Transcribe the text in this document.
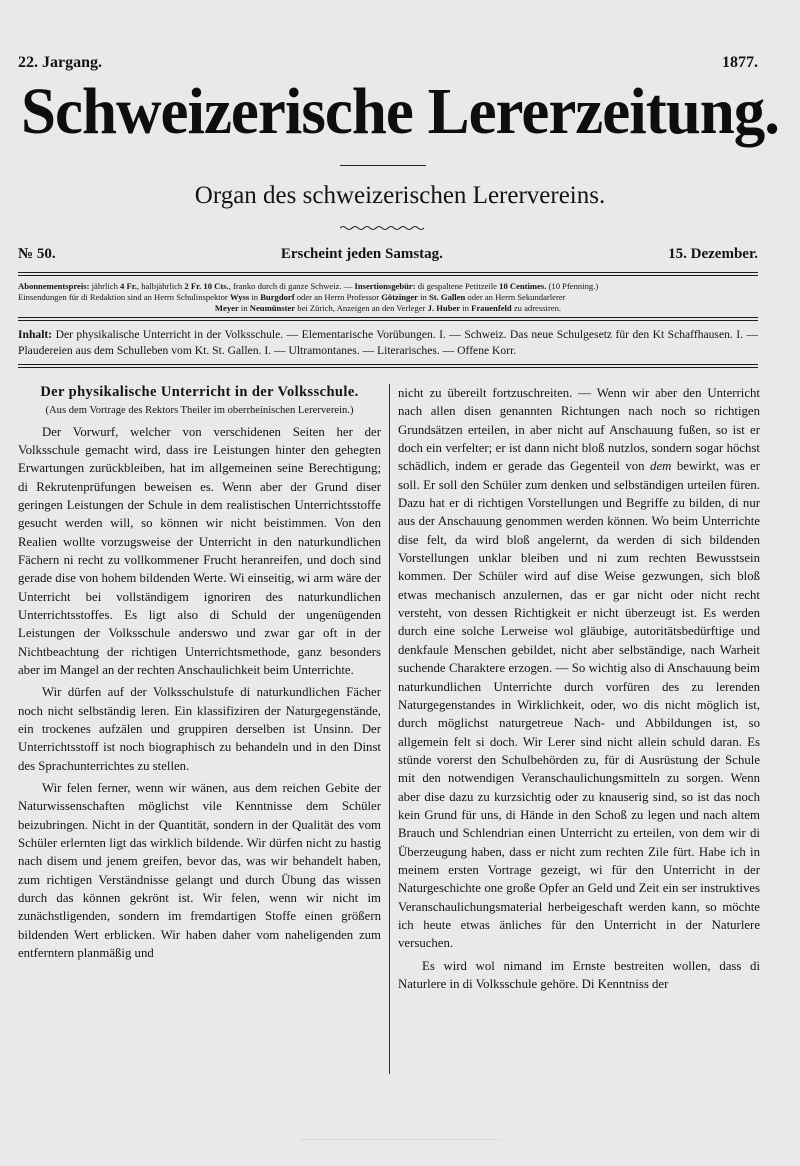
22. Jargang.	1877.
Schweizerische Lererzeitung.
Organ des schweizerischen Lerervereins.
№ 50.	Erscheint jeden Samstag.	15. Dezember.
Abonnementspreis: jährlich 4 Fr., halbjährlich 2 Fr. 10 Cts., franko durch di ganze Schweiz. — Insertionsgebür: di gespaltene Petitzeile 10 Centimes. (10 Pfenning.)
Einsendungen für di Redaktion sind an Herrn Schulinspektor Wyss in Burgdorf oder an Herrn Professor Götzinger in St. Gallen oder an Herrn Sekundarlerer
Meyer in Neumünster bei Zürich, Anzeigen an den Verleger J. Huber in Frauenfeld zu adressiren.
Inhalt: Der physikalische Unterricht in der Volksschule. — Elementarische Vorübungen. I. — Schweiz. Das neue Schulgesetz für den Kt Schaffhausen. I. — Plaudereien aus dem Schulleben vom Kt. St. Gallen. I. — Ultramontanes. — Literarisches. — Offene Korr.
Der physikalische Unterricht in der Volksschule.
(Aus dem Vortrage des Rektors Theiler im oberrheinischen Lererverein.)

Der Vorwurf, welcher von verschidenen Seiten her der Volksschule gemacht wird, dass ire Leistungen hinter den gehegten Erwartungen zurückbleiben, hat im allgemeinen seine Berechtigung; di Rekrutenprüfungen beweisen es. Wenn aber der Grund diser geringen Leistungen der Schule in dem realistischen Unterrichtsstoffe gesucht werden will, so können wir nicht beistimmen. Von den Realien wollte vorzugsweise der Unterricht in den naturkundlichen Fächern ni recht zu vollkommener Frucht heranreifen, und doch sind gerade dise von hohem bildenden Werte. Wi einseitig, wi arm wäre der Unterricht bei vollständigem ignoriren des naturkundlichen Unterrichtsstoffes. Es ligt also di Schuld der ungenügenden Leistungen der Volksschule anderswo und zwar gar oft in der Nichtbeachtung der richtigen Unterrichtsmethode, ganz besonders aber im Mangel an der rechten Anschaulichkeit beim Unterrichte.

Wir dürfen auf der Volksschulstufe di naturkundlichen Fächer noch nicht selbständig leren. Ein klassifiziren der Naturgegenstände, ein trockenes aufzälen und gruppiren derselben ist Unsinn. Der Unterrichtsstoff ist noch biographisch zu behandeln und in den Dinst des Sprachunterrichtes zu stellen.

Wir felen ferner, wenn wir wänen, aus dem reichen Gebite der Naturwissenschaften möglichst vile Kenntnisse dem Schüler beizubringen. Nicht in der Quantität, sondern in der Qualität des vom Schüler erlernten ligt das wirklich bildende. Wir dürfen nicht zu hastig nach disem und jenem greifen, bevor das, was wir behandelt haben, zum richtigen Verständnisse gelangt und durch Übung das wissen durch das können gekrönt ist. Wir felen, wenn wir nicht im zunächstligenden, sondern im fremdartigen Stoffe einen größern bildenden Wert erblicken. Wir haben daher vom naheligenden zum entferntern planmäßig und

nicht zu übereilt fortzuschreiten. — Wenn wir aber den Unterricht nach allen disen genannten Richtungen nach noch so richtigen Grundsätzen erteilen, in aber nicht auf Anschauung fußen, so ist er doch ein verfelter; er ist dann nicht bloß nutzlos, sondern sogar höchst schädlich, indem er gerade das Gegenteil von dem bewirkt, was er soll. Er soll den Schüler zum denken und selbständigen urteilen füren. Dazu hat er di richtigen Vorstellungen und Begriffe zu bilden, di nur aus der Anschauung genommen werden können. Wo beim Unterrichte dise felt, da wird bloß angelernt, da werden di sich bildenden Vorstellungen unklar bleiben und ni zum rechten Bewusstsein kommen. Der Schüler wird auf dise Weise gezwungen, sich bloß etwas mechanisch anzulernen, das er gar nicht oder nicht recht versteht, von dessen Richtigkeit er nicht überzeugt ist. Es werden durch eine solche Lerweise wol gläubige, autoritätsbedürftige und denkfaule Menschen gebildet, nicht aber selbständige, nach Warheit suchende Charaktere erzogen. — So wichtig also di Anschauung beim naturkundlichen Unterrichte durch vorfüren des zu lerenden Naturgegenstandes in Wirklichkeit, oder, wo dis nicht möglich ist, durch möglichst naturgetreue Nach- und Abbildungen ist, so allgemein felt si doch. Wir Lerer sind nicht allein schuld daran. Es stünde vorerst den Schulbehörden zu, für di Ausrüstung der Schule mit den notwendigen Veranschaulichungsmitteln zu sorgen. Wenn aber dise dazu zu kurzsichtig oder zu knauserig sind, so ist das noch kein Grund für uns, di Hände in den Schoß zu legen und nach altem Brauch und Schlendrian einen Unterricht zu erteilen, von dem wir di Überzeugung haben, dass er nicht zum rechten Zile fürt. Habe ich in meinem ersten Vortrage gezeigt, wi für den Unterricht in der Naturgeschichte one große Opfer an Geld und Zeit ein ser instruktives Veranschaulichungsmaterial herbeigeschaft werden kann, so möchte ich heute etwas änliches für den Unterricht in der Naturlere versuchen.

Es wird wol nimand im Ernste bestreiten wollen, dass di Naturlere in di Volksschule gehöre. Di Kenntniss der
